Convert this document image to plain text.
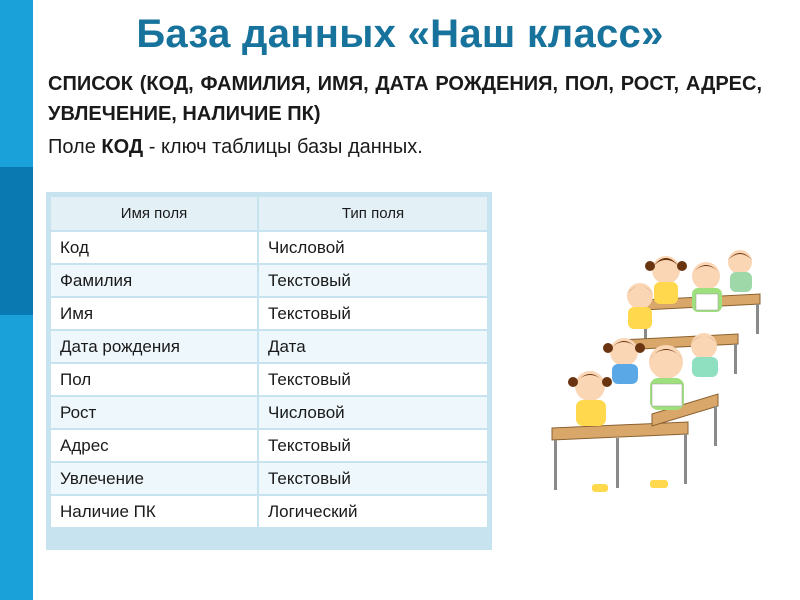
База данных «Наш класс»
СПИСОК (КОД, ФАМИЛИЯ, ИМЯ, ДАТА РОЖДЕНИЯ, ПОЛ, РОСТ, АДРЕС, УВЛЕЧЕНИЕ, НАЛИЧИЕ ПК)
Поле КОД - ключ таблицы базы данных.
Имя поля	Тип поля
Код	Числовой
Фамилия	Текстовый
Имя	Текстовый
Дата рождения	Дата
Пол	Текстовый
Рост	Числовой
Адрес	Текстовый
Увлечение	Текстовый
Наличие ПК	Логический
